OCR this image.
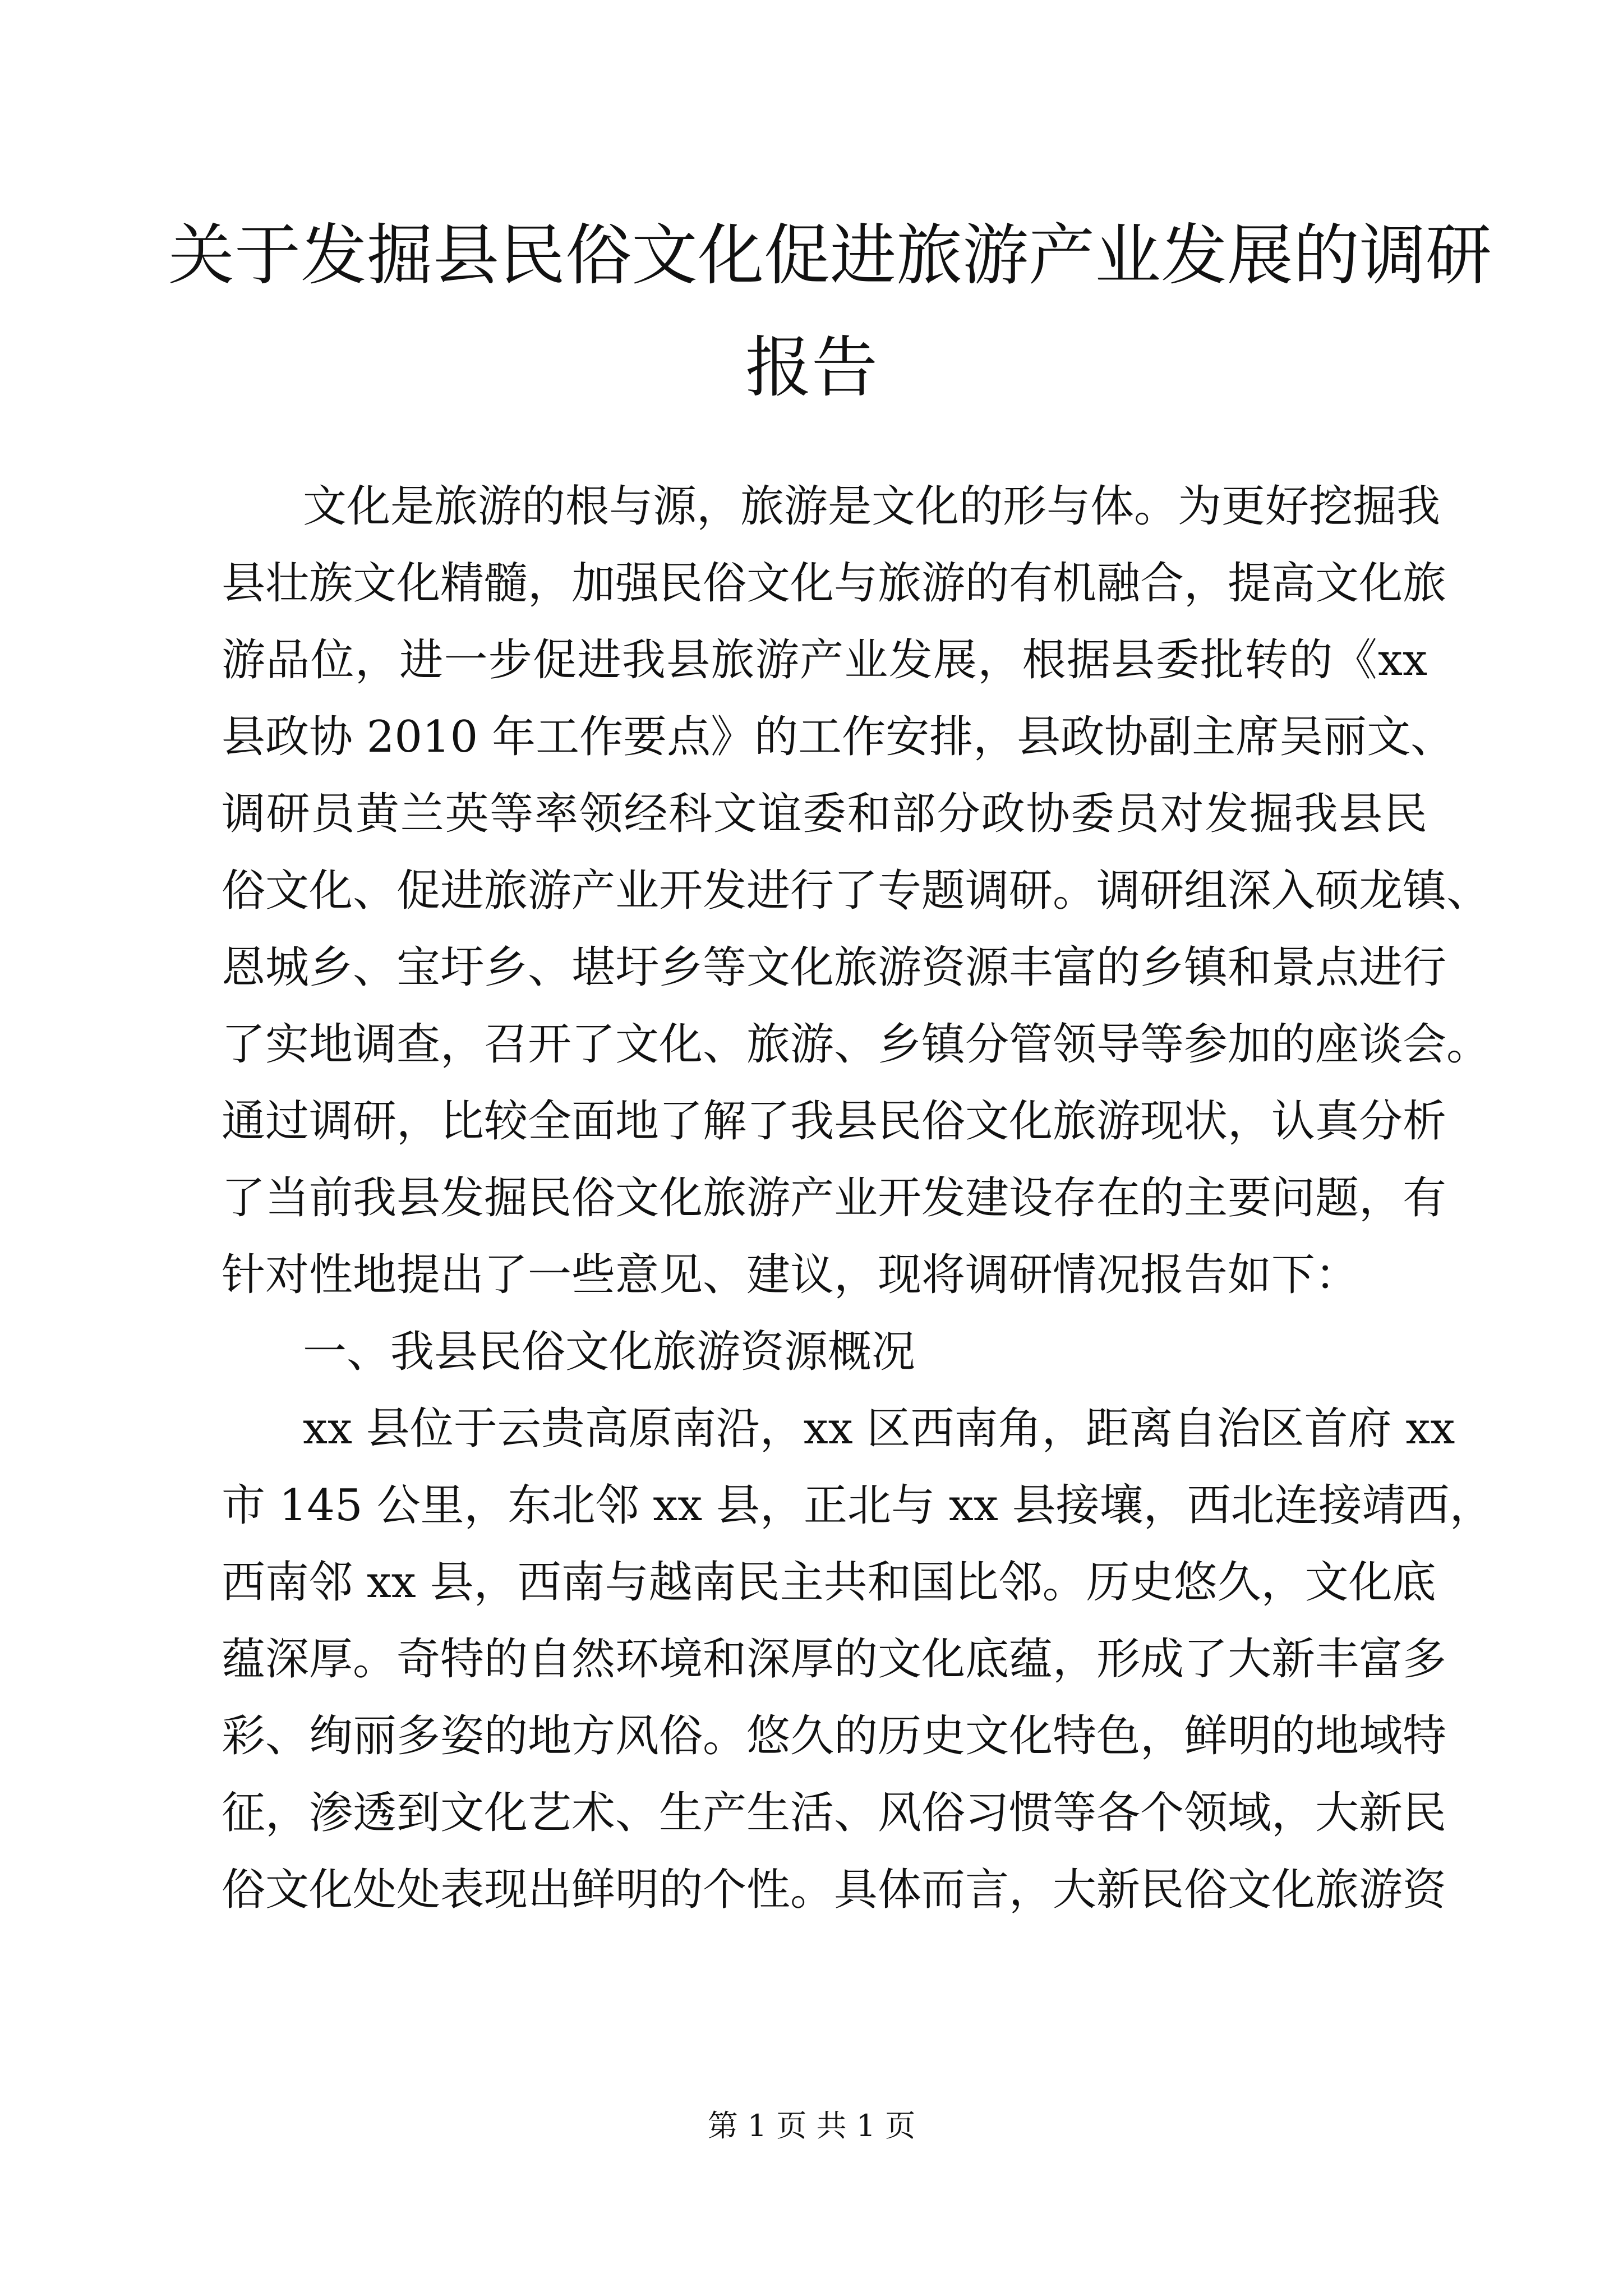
关于发掘县民俗文化促进旅游产业发展的调研
报告

文化是旅游的根与源，旅游是文化的形与体。为更好挖掘我

县壮族文化精髓，加强民俗文化与旅游的有机融合，提高文化旅

游品位，进一步促进我县旅游产业发展，根据县委批转的《xx

县政协 2010 年工作要点》的工作安排，县政协副主席吴丽文、

调研员黄兰英等率领经科文谊委和部分政协委员对发掘我县民

俗文化、促进旅游产业开发进行了专题调研。调研组深入硕龙镇、

恩城乡、宝圩乡、堪圩乡等文化旅游资源丰富的乡镇和景点进行

了实地调查，召开了文化、旅游、乡镇分管领导等参加的座谈会。

通过调研，比较全面地了解了我县民俗文化旅游现状，认真分析

了当前我县发掘民俗文化旅游产业开发建设存在的主要问题，有

针对性地提出了一些意见、建议，现将调研情况报告如下：

一、我县民俗文化旅游资源概况

xx 县位于云贵高原南沿，xx 区西南角，距离自治区首府 xx

市 145 公里，东北邻 xx 县，正北与 xx 县接壤，西北连接靖西，

西南邻 xx 县，西南与越南民主共和国比邻。历史悠久，文化底

蕴深厚。奇特的自然环境和深厚的文化底蕴，形成了大新丰富多

彩、绚丽多姿的地方风俗。悠久的历史文化特色，鲜明的地域特

征，渗透到文化艺术、生产生活、风俗习惯等各个领域，大新民

俗文化处处表现出鲜明的个性。具体而言，大新民俗文化旅游资

第 1 页 共 1 页
